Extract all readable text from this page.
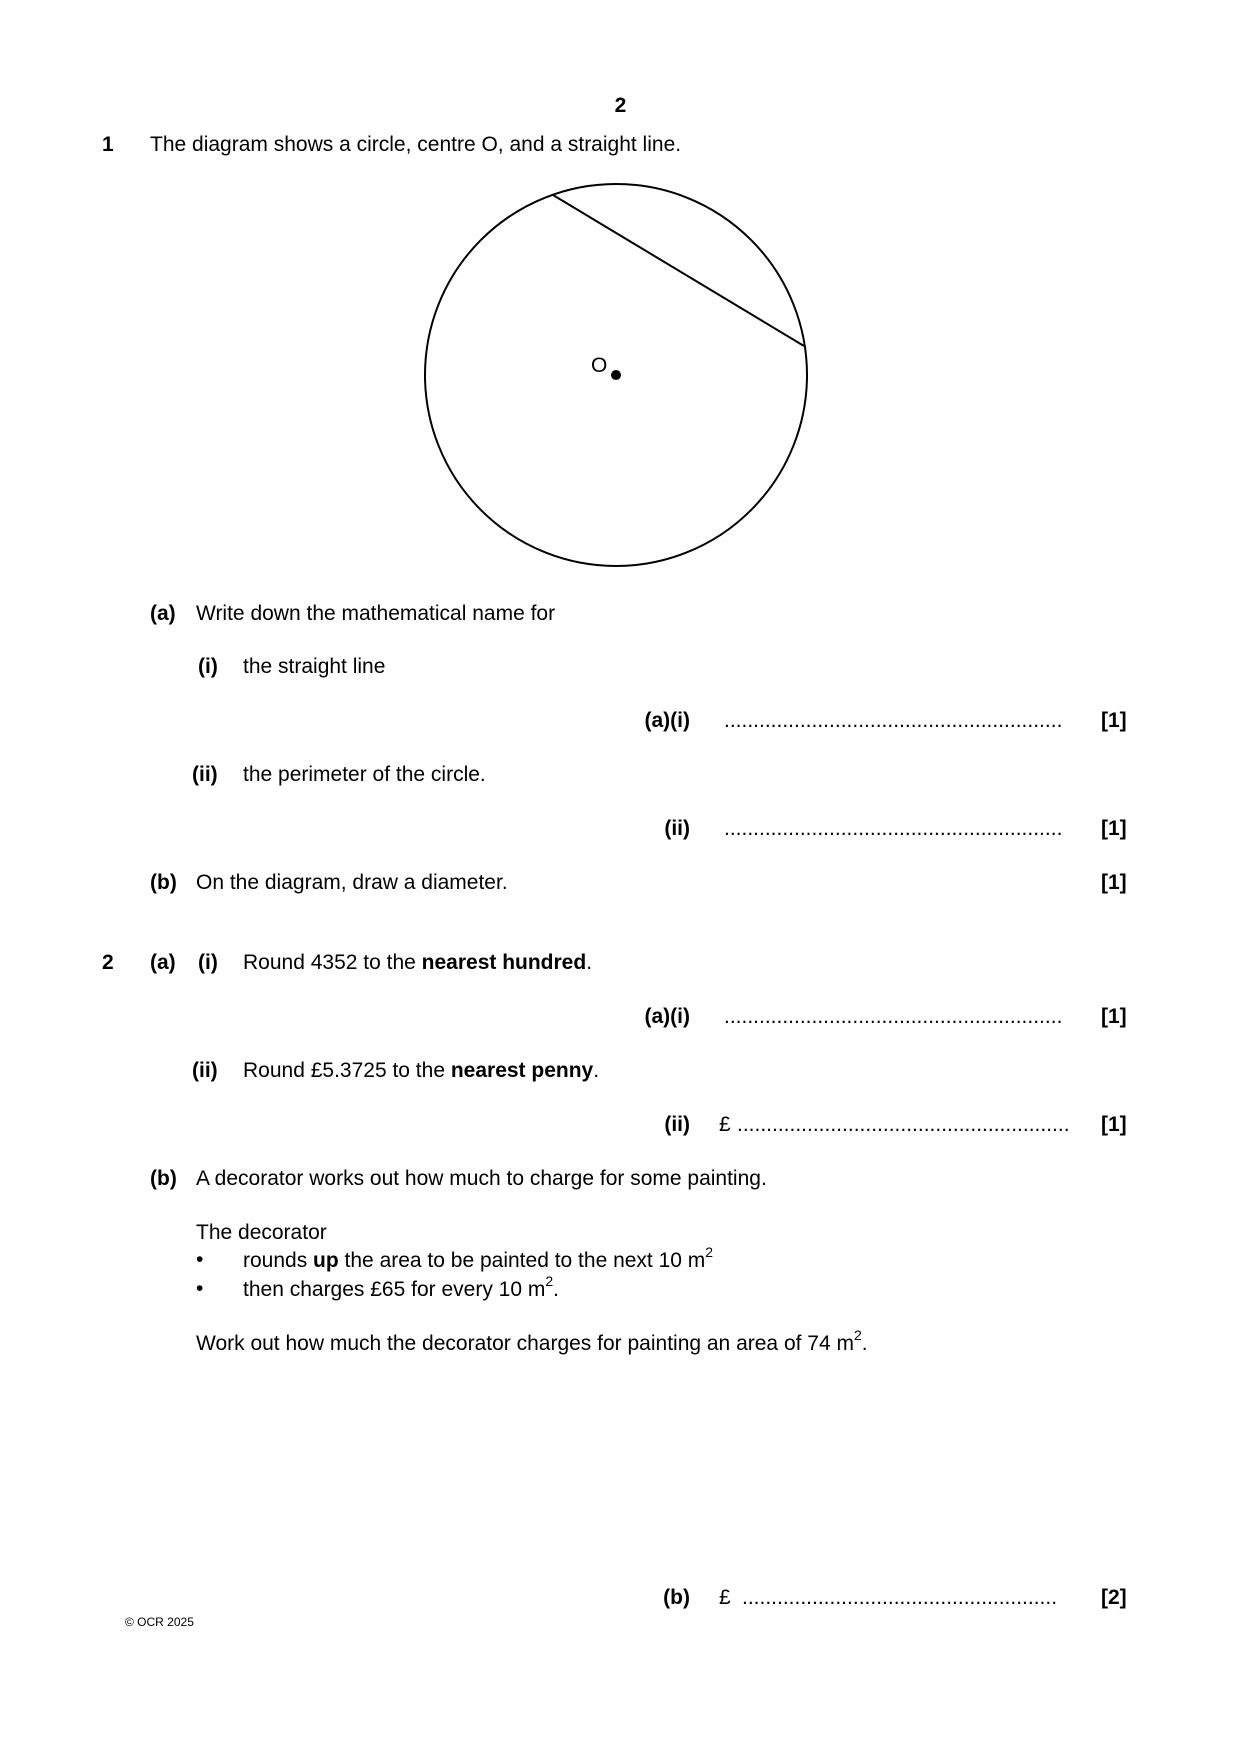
2
1 The diagram shows a circle, centre O, and a straight line.
O
(a) Write down the mathematical name for
(i) the straight line
(a)(i) .......................................................... [1]
(ii) the perimeter of the circle.
(ii) .......................................................... [1]
(b) On the diagram, draw a diameter.	[1]
2 (a) (i) Round 4352 to the nearest hundred.
(a)(i) .......................................................... [1]
(ii) Round £5.3725 to the nearest penny.
(ii) £ ......................................................... [1]
(b) A decorator works out how much to charge for some painting.
The decorator
• rounds up the area to be painted to the next 10 $m^2$
• then charges £65 for every 10 $m^2$.
Work out how much the decorator charges for painting an area of 74 $m^2$.
(b) £ ...................................................... [2]
© OCR 2025
